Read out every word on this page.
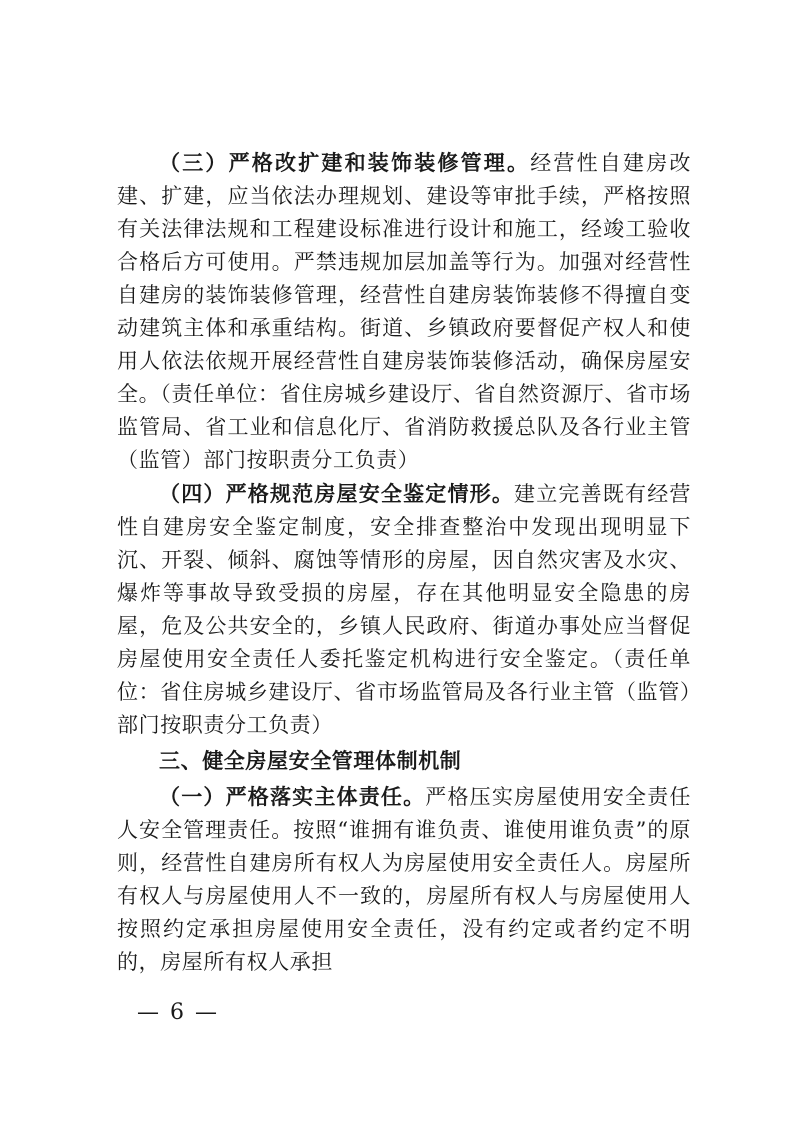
（三）严格改扩建和装饰装修管理。经营性自建房改建、扩建，应当依法办理规划、建设等审批手续，严格按照有关法律法规和工程建设标准进行设计和施工，经竣工验收合格后方可使用。严禁违规加层加盖等行为。加强对经营性自建房的装饰装修管理，经营性自建房装饰装修不得擅自变动建筑主体和承重结构。街道、乡镇政府要督促产权人和使用人依法依规开展经营性自建房装饰装修活动，确保房屋安全。（责任单位：省住房城乡建设厅、省自然资源厅、省市场监管局、省工业和信息化厅、省消防救援总队及各行业主管（监管）部门按职责分工负责）

（四）严格规范房屋安全鉴定情形。建立完善既有经营性自建房安全鉴定制度，安全排查整治中发现出现明显下沉、开裂、倾斜、腐蚀等情形的房屋，因自然灾害及水灾、爆炸等事故导致受损的房屋，存在其他明显安全隐患的房屋，危及公共安全的，乡镇人民政府、街道办事处应当督促房屋使用安全责任人委托鉴定机构进行安全鉴定。（责任单位：省住房城乡建设厅、省市场监管局及各行业主管（监管）部门按职责分工负责）

三、健全房屋安全管理体制机制

（一）严格落实主体责任。严格压实房屋使用安全责任人安全管理责任。按照“谁拥有谁负责、谁使用谁负责”的原则，经营性自建房所有权人为房屋使用安全责任人。房屋所有权人与房屋使用人不一致的，房屋所有权人与房屋使用人按照约定承担房屋使用安全责任，没有约定或者约定不明的，房屋所有权人承担

— 6 —
